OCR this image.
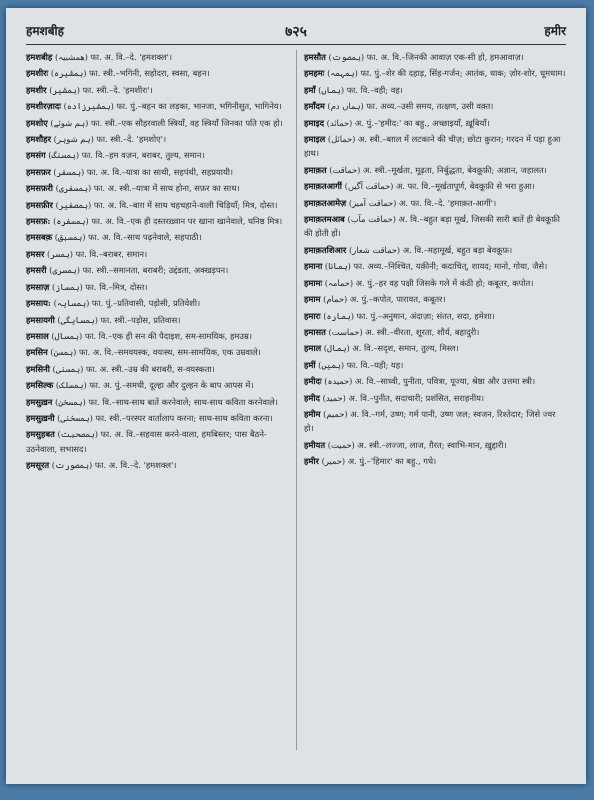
हमशबीह	७२५	हमीर
हमशबीह (همشبیہ) फा. अ. वि.–दे. 'हमशक्ल'।
हमशीरः (ہمشیرہ) फा. स्त्री.–भगिनी, सहोदरा, स्वसा, बहन।
हमशीर (ہمشیر) फा. स्त्री.–दे. 'हमशीरः'।
हमशीरज़ादः (ہمشیرزادہ) फा. पुं.–बहन का लड़का, भानजा, भगिनीसुत, भागिनेय।
हमशोए (ہم شوئے) फा. स्त्री.–एक सौहरवाली स्त्रियाँ, वह स्त्रियाँ जिनका पति एक हो।
हमशौहर (ہم شوہر) फा. स्त्री.–दे. 'हमशोए'।
हमसंग (ہمسنگ) फा. वि.–हम वज़न, बराबर, तुल्य, समान।
हमसफ़र (ہمسفر) फा. अ. वि.–यात्रा का साथी, सहपंथी, सहप्रयायी।
हमसफ़री (ہمسفری) फा. अ. स्त्री.–यात्रा में साथ होना, सफ़र का साथ।
हमसफ़ीर (ہمصفیر) फा. अ. वि.–बाग़ में साथ चहचहाने-वाली चिड़ियाँ; मित्र, दोस्त।
हमसफ़: (ہمسفرہ) फा. अ. वि.–एक ही दस्तरख़्वान पर खाना खानेवाले, घनिष्ठ मित्र।
हमसबक़ (ہمسبق) फा. अ. वि.–साथ पढ़नेवाले, सहपाठी।
हमसर (ہمسر) फा. वि.–बराबर, समान।
हमसरी (ہمسری) फा. स्त्री.–समानता, बराबरी; उद्दंडता, अक्खड़पन।
हमसाज़ (ہمساز) फा. वि.–मित्र, दोस्त।
हमसाय: (ہمسایہ) फा. पुं.–प्रतिवासी, पड़ोसी, प्रतिवेशी।
हमसायगी (ہمسایگی) फा. स्त्री.–पड़ोस, प्रतिवास।
हमसाल (ہمسال) फा. वि.–एक ही सन की पैदाइश, सम-सामयिक, हमउम्र।
हमसिन (ہمسن) फा. अ. वि.–समवयस्क, वयःस्थ, सम-सामयिक, एक उम्रवाले।
हमसिनी (ہمسنی) फा. अ. स्त्री.–उम्र की बराबरी, स-वयस्कता।
हमसिल्क (ہمسلک) फा. अ. पुं.–समधी, दूल्हा और दुल्हन के बाप आपस में।
हमसुख़न (ہمسخن) फा. वि.–साथ-साथ बातें करनेवाले; साथ-साथ कविता करनेवाले।
हमसुख़नी (ہمسخنی) फा. स्त्री.–परस्पर वार्तालाप करना; साथ-साथ कविता करना।
हमसुहबत (ہمصحبت) फा. अ. वि.–सहवास करने-वाला, हमबिस्तर; पास बैठने-उठनेवाला, सभासद।
हमसूरत (ہمصورت) फा. अ. वि.–दे. 'हमशक्ल'।
हमसौत (ہمصوت) फा. अ. वि.–जिनकी आवाज़ एक-सी हो, हमआवाज़।
हमहमः (ہمہمہ) फा. पुं.–शेर की दहाड़, सिंह-गर्जन; आतंक, धाक; ज़ोर-शोर, धूमधाम।
हमाँ (ہماں) फा. वि.–वही; वह।
हमाँदम (ہماں دم) फा. अव्य.–उसी समय, तत्क्षण, उसी वक़्त।
हमाइद (حمائد) अ. पुं.–'हमीद:' का बहु., अच्छाइयाँ, ख़ूबियाँ।
हमाइल (حمائل) अ. स्त्री.–बग़ल में लटकाने की चीज़; छोटा क़ुरान; गरदन में पड़ा हुआ हाथ।
हमाक़त (حماقت) अ. स्त्री.–मूर्खता, मूढ़ता, निर्बुद्धता, बेवक़ूफ़ी; अज्ञान, जहालत।
हमाक़तआगीं (حماقت آگیں) अ. फा. वि.–मूर्खतापूर्ण, बेवक़ूफ़ी से भरा हुआ।
हमाक़तआमेज़ (حماقت آمیز) अ. फा. वि.–दे. 'हमाक़त-आगीं'।
हमाक़तमआब (حماقت مآب) अ. वि.–बहुत बड़ा मूर्ख, जिसकी सारी बातें ही बेवक़ूफ़ी की होती हों।
हमाक़तशिआर (حماقت شعار) अ. वि.–महामूर्ख, बहुत बड़ा बेवक़ूफ़।
हमाना (ہمانا) फा. अव्य.–निश्चित, यक़ीनी; कदाचित्, शायद; मानो, गोया, जैसे।
हमामः (حمامہ) अ. पुं.–हर वह पक्षी जिसके गले में कंठी हो; कबूतर, कपोत।
हमाम (حمام) अ. पुं.–कपोत, पारावत, कबूतर।
हमारः (ہمارہ) फा. पुं.–अनुमान, अंदाज़ा; संतत, सदा, हमेशा।
हमासत (حماست) अ. स्त्री.–वीरता, शूरता, शौर्य, बहादुरी।
हमाल (ہمال) अ. वि.–सदृश, समान, तुल्य, मिस्ल।
हमीं (ہمیں) फा. वि.–यही; यह।
हमीदः (حمیدہ) अ. वि.–साध्वी, पुनीता, पवित्रा, पूज्या, श्रेष्ठा और उत्तमा स्त्री।
हमीद (حمید) अ. वि.–पुनीत, सदाचारी; प्रशंसित, सराहनीय।
हमीम (حمیم) अ. वि.–गर्म, उष्ण; गर्म पानी, उष्ण जल; स्वजन, रिश्तेदार; जिसे ज्वर हो।
हमीयत (حمیت) अ. स्त्री.–लज्जा, लाज, ग़ैरत; स्वाभि-मान, ख़ुद्दारी।
हमीर (حمیر) अ. पुं.–'हिमार' का बहु., गधे।
